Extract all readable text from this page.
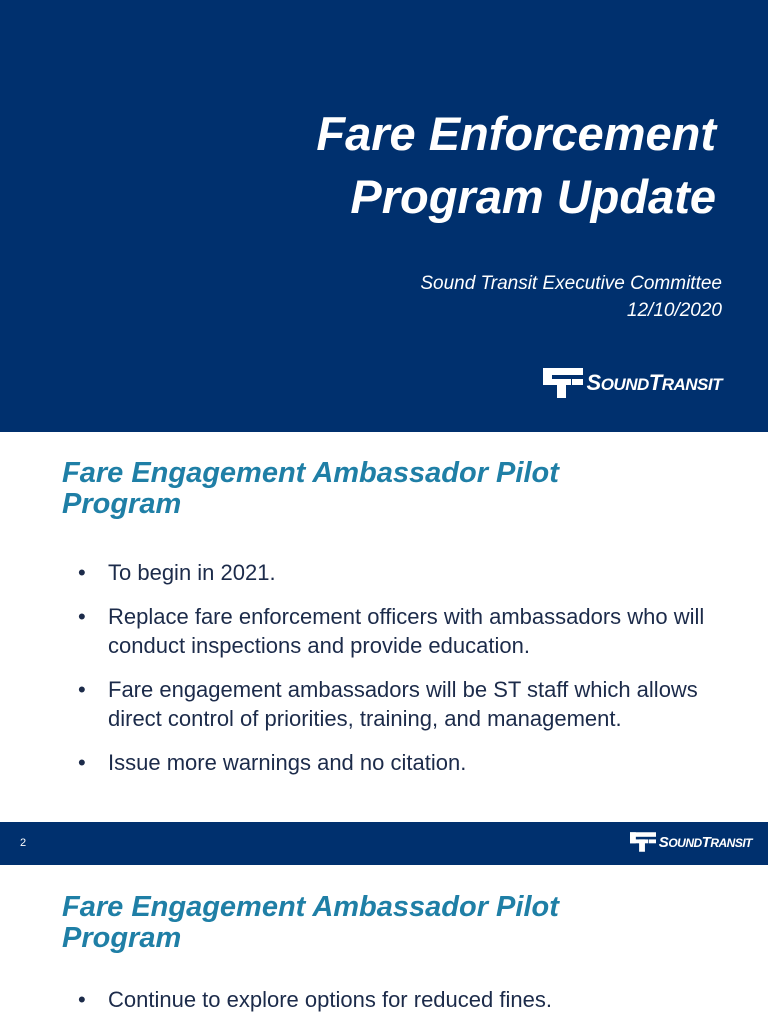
Fare Enforcement
Program Update
Sound Transit Executive Committee
12/10/2020
SOUNDTRANSIT
Fare Engagement Ambassador Pilot
Program
• To begin in 2021.
• Replace fare enforcement officers with ambassadors who will conduct inspections and provide education.
• Fare engagement ambassadors will be ST staff which allows direct control of priorities, training, and management.
• Issue more warnings and no citation.
2	SOUNDTRANSIT
Fare Engagement Ambassador Pilot
Program
• Continue to explore options for reduced fines.
